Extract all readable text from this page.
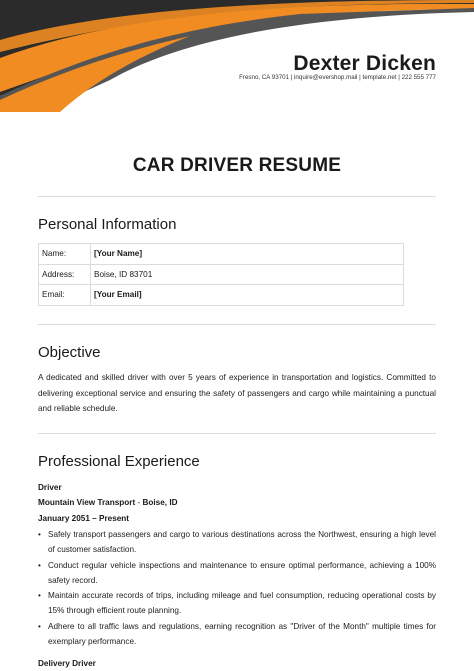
Dexter Dicken
Fresno, CA 93701 | inquire@evershop.mail | template.net | 222 555 777
CAR DRIVER RESUME
Personal Information
Name:	[Your Name]
Address:	Boise, ID 83701
Email:	[Your Email]
Objective
A dedicated and skilled driver with over 5 years of experience in transportation and logistics. Committed to delivering exceptional service and ensuring the safety of passengers and cargo while maintaining a punctual and reliable schedule.
Professional Experience
Driver
Mountain View Transport - Boise, ID
January 2051 – Present
• Safely transport passengers and cargo to various destinations across the Northwest, ensuring a high level of customer satisfaction.
• Conduct regular vehicle inspections and maintenance to ensure optimal performance, achieving a 100% safety record.
• Maintain accurate records of trips, including mileage and fuel consumption, reducing operational costs by 15% through efficient route planning.
• Adhere to all traffic laws and regulations, earning recognition as "Driver of the Month" multiple times for exemplary performance.
Delivery Driver
